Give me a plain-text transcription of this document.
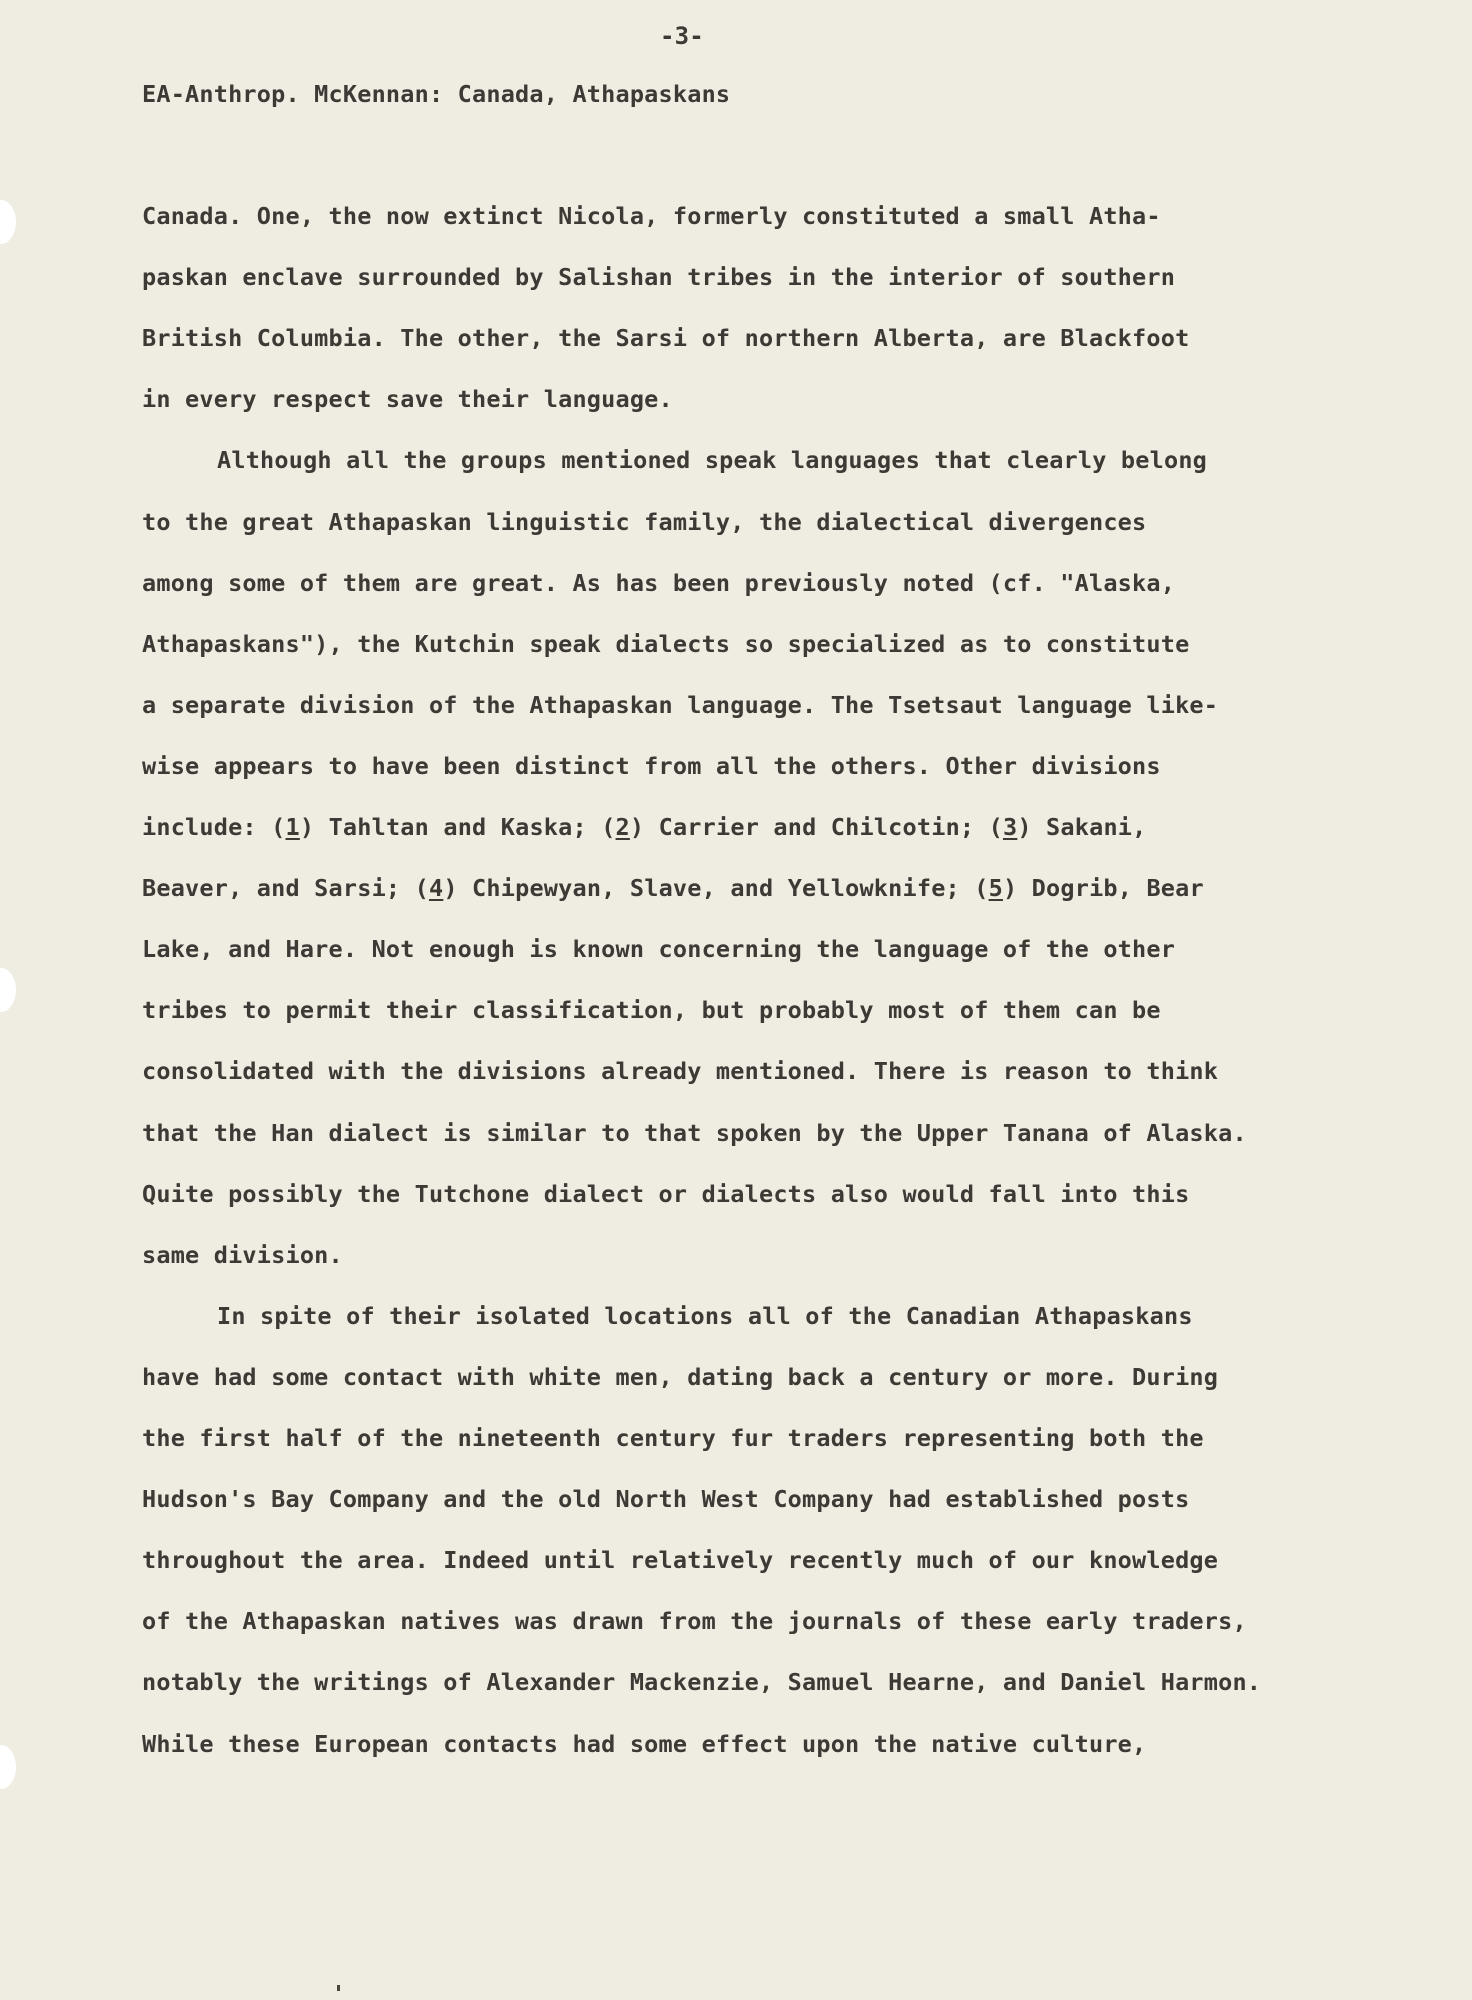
-3-
EA-Anthrop. McKennan: Canada, Athapaskans
Canada. One, the now extinct Nicola, formerly constituted a small Atha-
paskan enclave surrounded by Salishan tribes in the interior of southern
British Columbia. The other, the Sarsi of northern Alberta, are Blackfoot
in every respect save their language.
Although all the groups mentioned speak languages that clearly belong
to the great Athapaskan linguistic family, the dialectical divergences
among some of them are great. As has been previously noted (cf. "Alaska,
Athapaskans"), the Kutchin speak dialects so specialized as to constitute
a separate division of the Athapaskan language. The Tsetsaut language like-
wise appears to have been distinct from all the others. Other divisions
include: (1) Tahltan and Kaska; (2) Carrier and Chilcotin; (3) Sakani,
Beaver, and Sarsi; (4) Chipewyan, Slave, and Yellowknife; (5) Dogrib, Bear
Lake, and Hare. Not enough is known concerning the language of the other
tribes to permit their classification, but probably most of them can be
consolidated with the divisions already mentioned. There is reason to think
that the Han dialect is similar to that spoken by the Upper Tanana of Alaska.
Quite possibly the Tutchone dialect or dialects also would fall into this
same division.
In spite of their isolated locations all of the Canadian Athapaskans
have had some contact with white men, dating back a century or more. During
the first half of the nineteenth century fur traders representing both the
Hudson's Bay Company and the old North West Company had established posts
throughout the area. Indeed until relatively recently much of our knowledge
of the Athapaskan natives was drawn from the journals of these early traders,
notably the writings of Alexander Mackenzie, Samuel Hearne, and Daniel Harmon.
While these European contacts had some effect upon the native culture,
